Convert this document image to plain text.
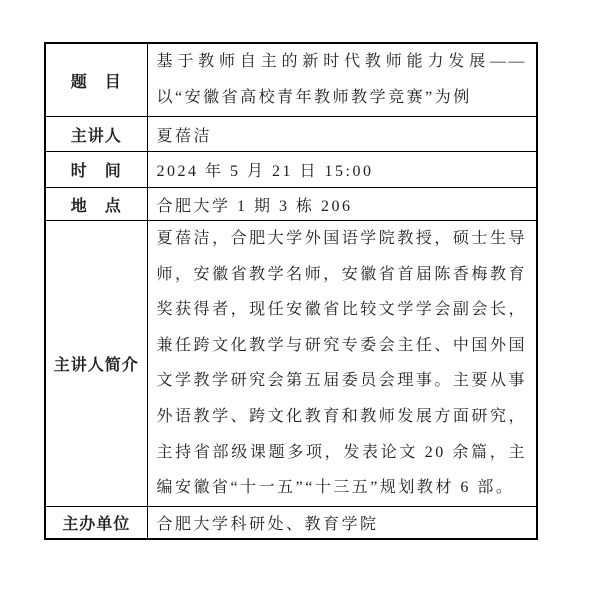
题　目	基于教师自主的新时代教师能力发展——以“安徽省高校青年教师教学竞赛”为例
主讲人	夏蓓洁
时　间	2024 年 5 月 21 日 15:00
地　点	合肥大学 1 期 3 栋 206
主讲人简介	夏蓓洁，合肥大学外国语学院教授，硕士生导师，安徽省教学名师，安徽省首届陈香梅教育奖获得者，现任安徽省比较文学学会副会长，兼任跨文化教学与研究专委会主任、中国外国文学教学研究会第五届委员会理事。主要从事外语教学、跨文化教育和教师发展方面研究，主持省部级课题多项，发表论文 20 余篇，主编安徽省“十一五”“十三五”规划教材 6 部。
主办单位	合肥大学科研处、教育学院
